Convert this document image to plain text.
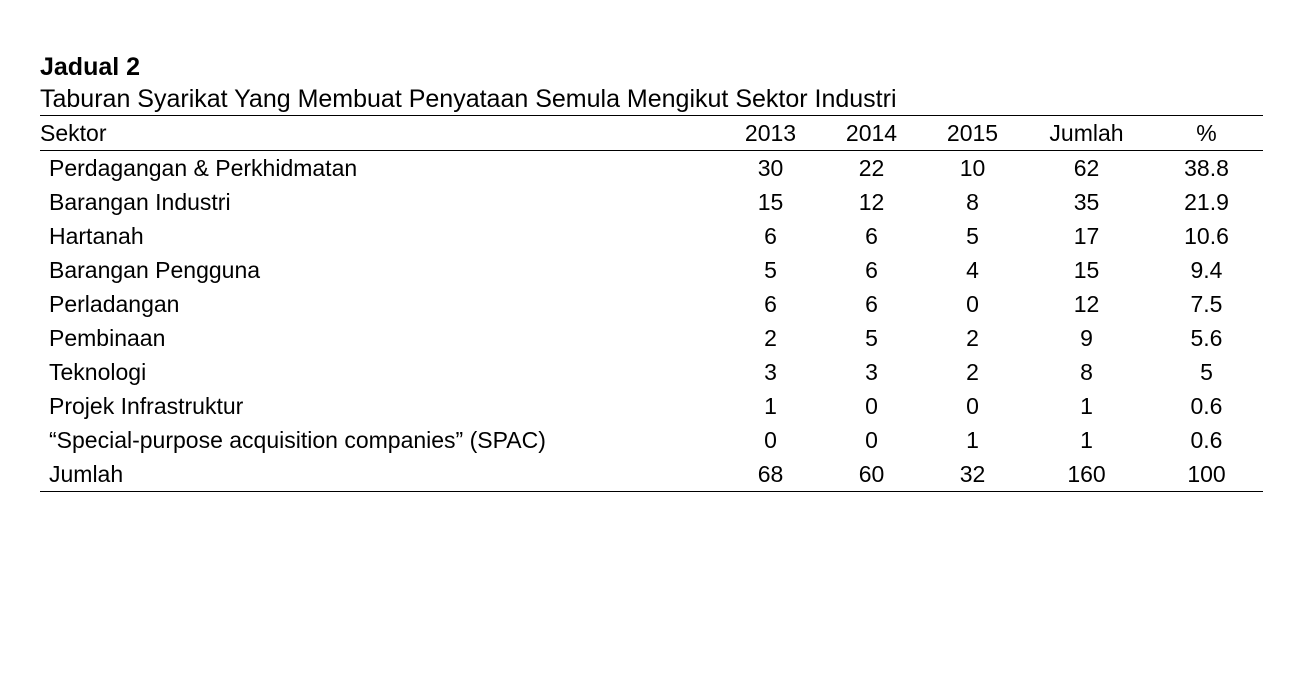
Jadual 2
Taburan Syarikat Yang Membuat Penyataan Semula Mengikut Sektor Industri
Sektor	2013	2014	2015	Jumlah	%
Perdagangan & Perkhidmatan	30	22	10	62	38.8
Barangan Industri	15	12	8	35	21.9
Hartanah	6	6	5	17	10.6
Barangan Pengguna	5	6	4	15	9.4
Perladangan	6	6	0	12	7.5
Pembinaan	2	5	2	9	5.6
Teknologi	3	3	2	8	5
Projek Infrastruktur	1	0	0	1	0.6
“Special-purpose acquisition companies” (SPAC)	0	0	1	1	0.6
Jumlah	68	60	32	160	100
